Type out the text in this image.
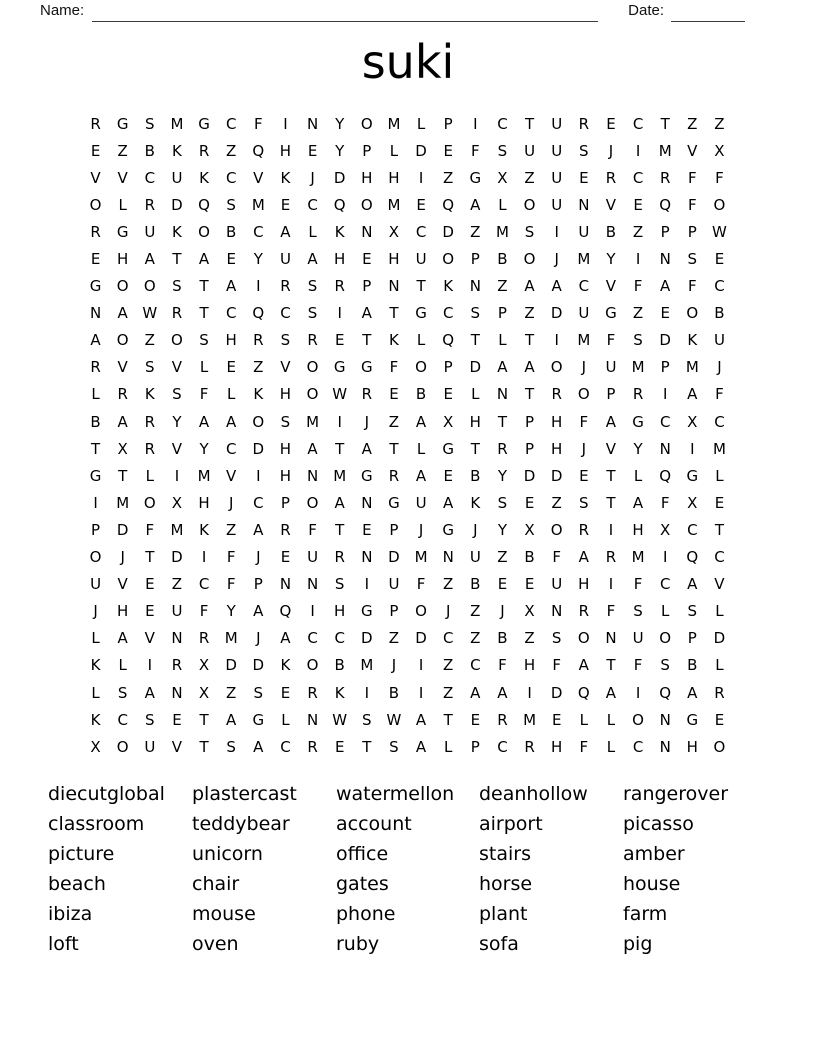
Name:	Date:
suki
R	G	S	M G	C	F	I	N	Y	O M	L	P	I	C	T	U	R	E	C	T	Z	Z
E	Z	B	K	R	Z	Q	H	E	Y	P	L	D	E	F	S	U	U	S	J	I	M	V	X
V	V	C	U	K	C	V	K	J	D	H	H	I	Z	G	X	Z	U	E	R	C	R	F	F
O	L	R	D	Q	S	M	E	C	Q	O M	E	Q	A	L	O	U	N	V	E	Q	F	O
R	G	U	K	O	B	C	A	L	K	N	X	C	D	Z	M	S	I	U	B	Z	P	P	W
E	H	A	T	A	E	Y	U	A	H	E	H	U	O	P	B	O	J	M	Y	I	N	S	E
G	O	O	S	T	A	I	R	S	R	P	N	T	K	N	Z	A	A	C	V	F	A	F	C
N	A W R	T	C	Q	C	S	I	A	T	G	C	S	P	Z	D	U	G	Z	E	O	B
A	O	Z	O	S	H	R	S	R	E	T	K	L	Q	T	L	T	I	M	F	S	D	K	U
R	V	S	V	L	E	Z	V	O	G	G	F	O	P	D	A	A	O	J	U	M	P	M	J
L	R	K	S	F	L	K	H	O W R	E	B	E	L	N	T	R	O	P	R	I	A	F
B	A	R	Y	A	A	O	S	M	I	J	Z	A	X	H	T	P	H	F	A	G	C	X	C
T	X	R	V	Y	C	D	H	A	T	A	T	L	G	T	R	P	H	J	V	Y	N	I	M
G	T	L	I	M	V	I	H	N	M G	R	A	E	B	Y	D	D	E	T	L	Q	G	L
I	M O	X	H	J	C	P	O	A	N	G	U	A	K	S	E	Z	S	T	A	F	X	E
P	D	F	M	K	Z	A	R	F	T	E	P	J	G	J	Y	X	O	R	I	H	X	C	T
O	J	T	D	I	F	J	E	U	R	N	D M	N	U	Z	B	F	A	R	M	I	Q	C
U	V	E	Z	C	F	P	N	N	S	I	U	F	Z	B	E	E	U	H	I	F	C	A	V
J	H	E	U	F	Y	A	Q	I	H	G	P	O	J	Z	J	X	N	R	F	S	L	S	L
L	A	V	N	R	M	J	A	C	C	D	Z	D	C	Z	B	Z	S	O	N	U	O	P	D
K	L	I	R	X	D	D	K	O	B	M	J	I	Z	C	F	H	F	A	T	F	S	B	L
L	S	A	N	X	Z	S	E	R	K	I	B	I	Z	A	A	I	D	Q	A	I	Q	A	R
K	C	S	E	T	A	G	L	N W S W A	T	E	R	M	E	L	L	O	N	G	E
X	O	U	V	T	S	A	C	R	E	T	S	A	L	P	C	R	H	F	L	C	N	H	O
diecutglobal
classroom
picture
beach
ibiza
loft
plastercast
teddybear
unicorn
chair
mouse
oven
watermellon
account
office
gates
phone
ruby
deanhollow
airport
stairs
horse
plant
sofa
rangerover
picasso
amber
house
farm
pig
